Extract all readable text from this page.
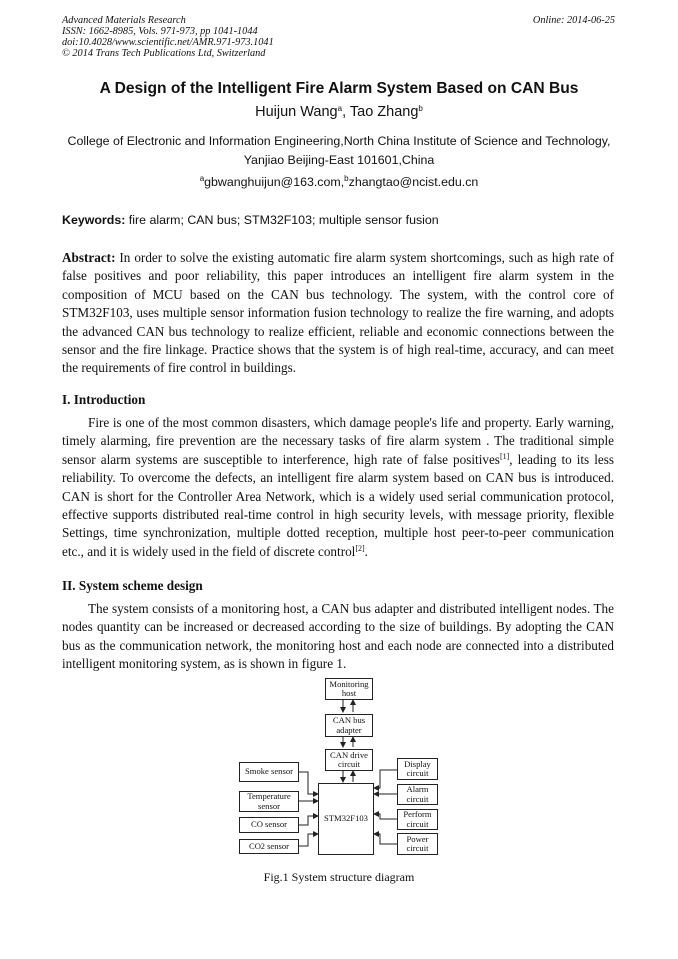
Advanced Materials Research
ISSN: 1662-8985, Vols. 971-973, pp 1041-1044
doi:10.4028/www.scientific.net/AMR.971-973.1041
© 2014 Trans Tech Publications Ltd, Switzerland
Online: 2014-06-25
A Design of the Intelligent Fire Alarm System Based on CAN Bus
Huijun Wang$^a$, Tao Zhang$^b$
College of Electronic and Information Engineering,North China Institute of Science and Technology,
Yanjiao Beijing-East 101601,China
$^a$gbwanghuijun@163.com,$^b$zhangtao@ncist.edu.cn
Keywords: fire alarm; CAN bus; STM32F103; multiple sensor fusion

Abstract: In order to solve the existing automatic fire alarm system shortcomings, such as high rate of false positives and poor reliability, this paper introduces an intelligent fire alarm system in the composition of MCU based on the CAN bus technology. The system, with the control core of STM32F103, uses multiple sensor information fusion technology to realize the fire warning, and adopts the advanced CAN bus technology to realize efficient, reliable and economic connections between the sensor and the fire linkage. Practice shows that the system is of high real-time, accuracy, and can meet the requirements of fire control in buildings.

I. Introduction

Fire is one of the most common disasters, which damage people's life and property. Early warning, timely alarming, fire prevention are the necessary tasks of fire alarm system . The traditional simple sensor alarm systems are susceptible to interference, high rate of false positives[1], leading to its less reliability. To overcome the defects, an intelligent fire alarm system based on CAN bus is introduced. CAN is short for the Controller Area Network, which is a widely used serial communication protocol, effective supports distributed real-time control in high security levels, with message priority, flexible Settings, time synchronization, multiple dotted reception, multiple host peer-to-peer communication etc., and it is widely used in the field of discrete control[2].

II. System scheme design

The system consists of a monitoring host, a CAN bus adapter and distributed intelligent nodes. The nodes quantity can be increased or decreased according to the size of buildings. By adopting the CAN bus as the communication network, the monitoring host and each node are connected into a distributed intelligent monitoring system, as is shown in figure 1.

Monitoring host
CAN bus adapter
CAN drive circuit
STM32F103
Smoke sensor
Temperature sensor
CO sensor
CO 2 sensor
Display circuit
Alarm circuit
Perform circuit
Power circuit
Fig.1 System structure diagram
